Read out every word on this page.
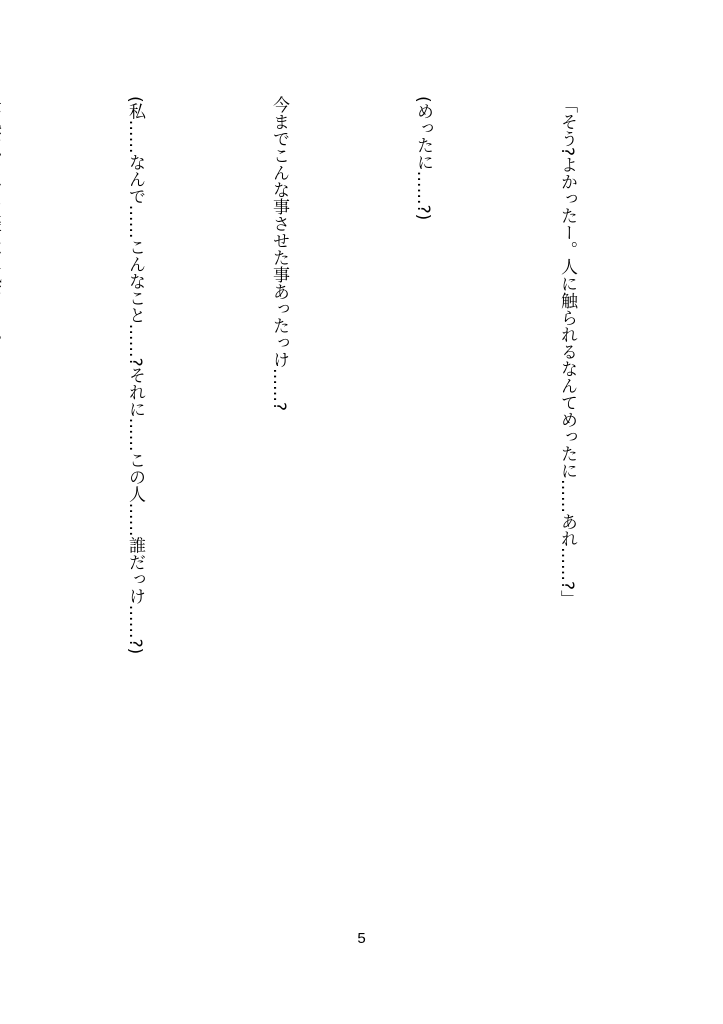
「そう?よかったー。人に触られるなんてめったに……あれ……?」

(めったに……?)

今までこんな事させた事あったっけ……?

(私……なんで……こんなこと……?それに……この人……誰だっけ……?)

5
